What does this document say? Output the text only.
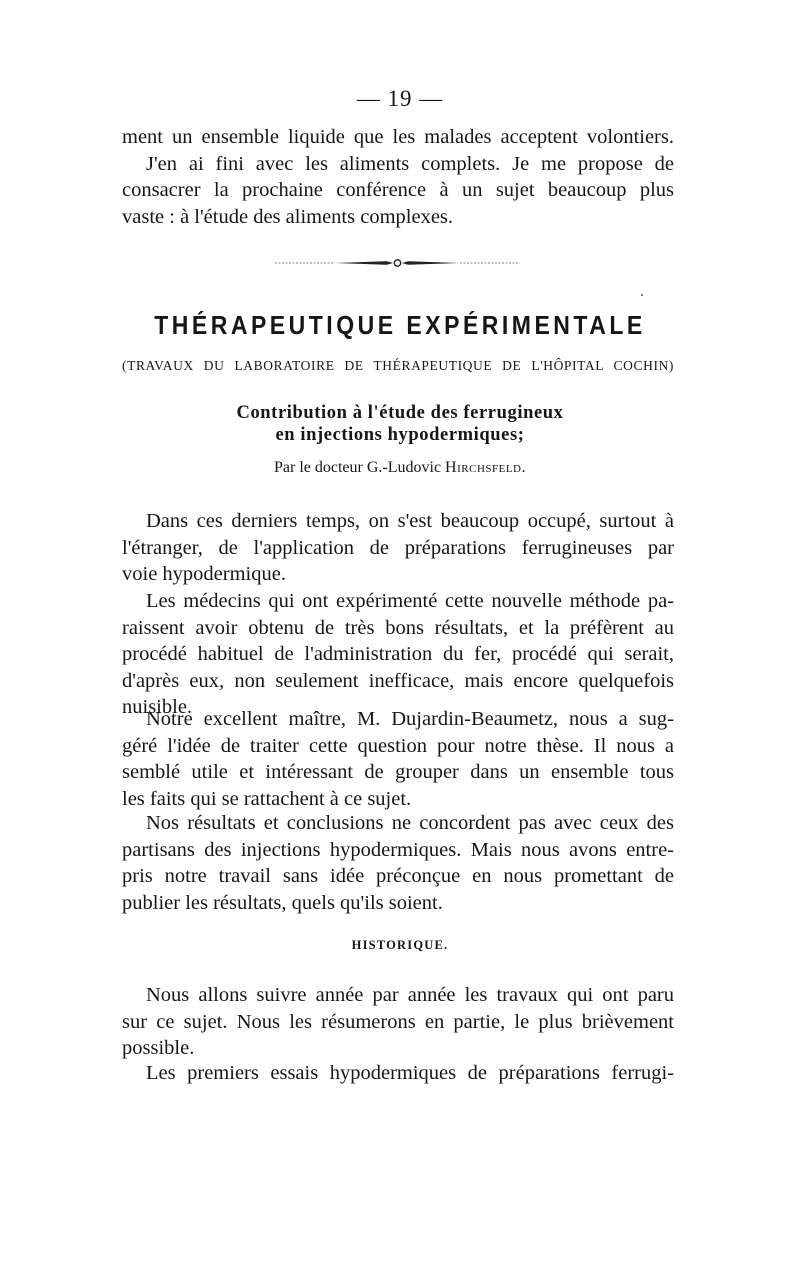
— 19 —
ment un ensemble liquide que les malades acceptent volontiers.
J'en ai fini avec les aliments complets. Je me propose de
consacrer la prochaine conférence à un sujet beaucoup plus
vaste : à l'étude des aliments complexes.
THÉRAPEUTIQUE EXPÉRIMENTALE
(TRAVAUX DU LABORATOIRE DE THÉRAPEUTIQUE DE L'HÔPITAL COCHIN)
Contribution à l'étude des ferrugineux
en injections hypodermiques;
Par le docteur G.-Ludovic Hirchsfeld.
Dans ces derniers temps, on s'est beaucoup occupé, surtout à
l'étranger, de l'application de préparations ferrugineuses par
voie hypodermique.
Les médecins qui ont expérimenté cette nouvelle méthode pa-
raissent avoir obtenu de très bons résultats, et la préfèrent au
procédé habituel de l'administration du fer, procédé qui serait,
d'après eux, non seulement inefficace, mais encore quelquefois
nuisible.
Notre excellent maître, M. Dujardin-Beaumetz, nous a sug-
géré l'idée de traiter cette question pour notre thèse. Il nous a
semblé utile et intéressant de grouper dans un ensemble tous
les faits qui se rattachent à ce sujet.
Nos résultats et conclusions ne concordent pas avec ceux des
partisans des injections hypodermiques. Mais nous avons entre-
pris notre travail sans idée préconçue en nous promettant de
publier les résultats, quels qu'ils soient.
HISTORIQUE.
Nous allons suivre année par année les travaux qui ont paru
sur ce sujet. Nous les résumerons en partie, le plus brièvement
possible.
Les premiers essais hypodermiques de préparations ferrugi-
